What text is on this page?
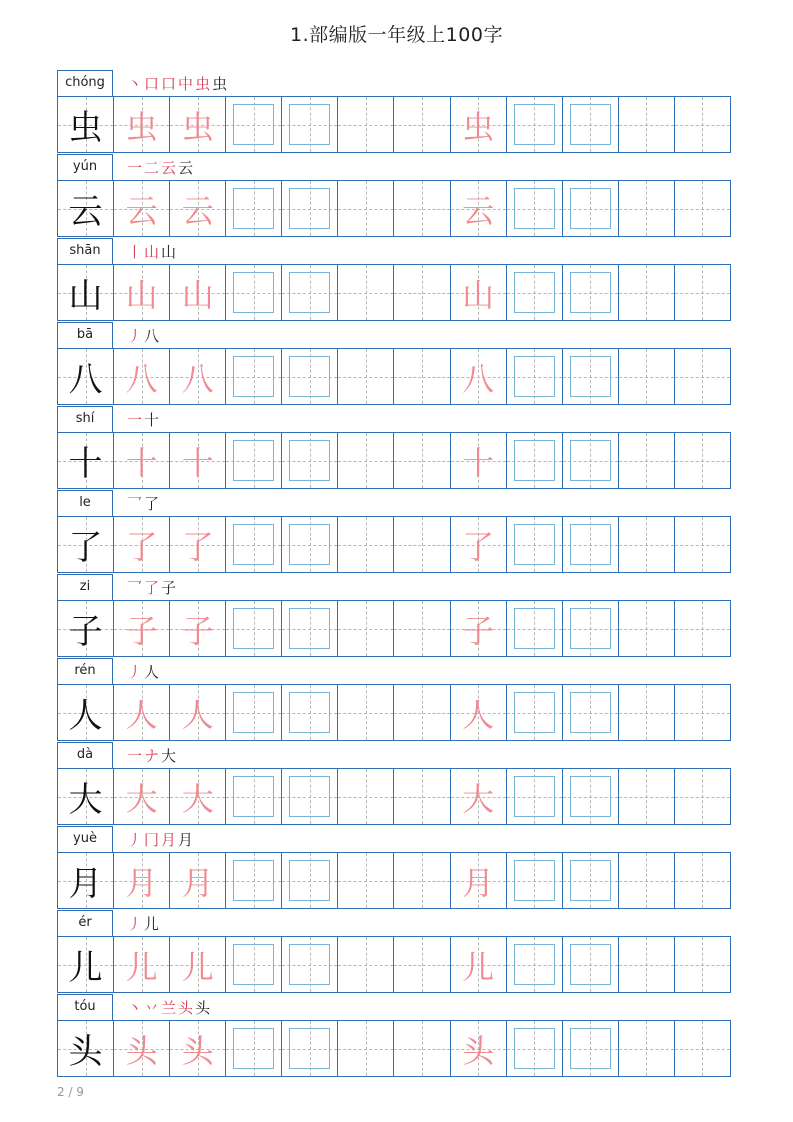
1.部编版一年级上100字
chóng	丶 口 口 中 虫 虫
虫 虫 虫	虫
yún	一 二 云 云
云 云 云	云
shān	丨 山 山
山 山 山	山
bā	丿 八
八 八 八	八
shí	一 十
十 十 十	十
le	乛 了
了 了 了	了
zi	乛 了 子
子 子 子	子
rén	丿 人
人 人 人	人
dà	一 ナ 大
大 大 大	大
yuè	丿 冂 月 月
月 月 月	月
ér	丿 儿
儿 儿 儿	儿
tóu	丶 丷 兰 头 头
头 头 头	头
2 / 9
